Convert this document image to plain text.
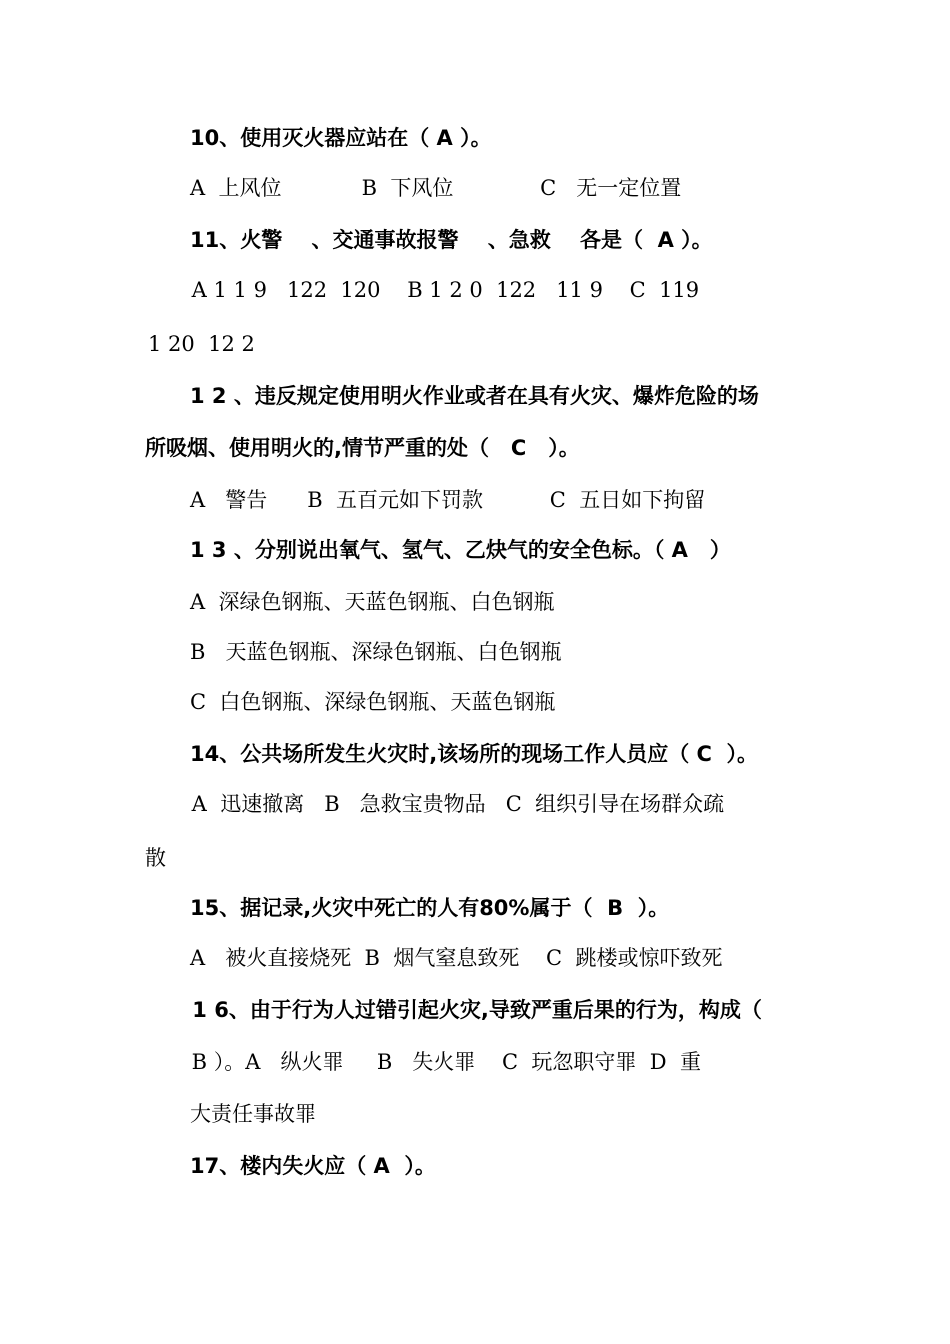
10、使用灭火器应站在（ A ）。
A  上风位            B  下风位             C   无一定位置
11、火警    、交通事故报警    、急救    各是（  A ）。
A 1 1 9   122  120    B 1 2 0  122   11 9    C  119
1 20  12 2
1 2 、违反规定使用明火作业或者在具有火灾、爆炸危险的场
所吸烟、使用明火的,情节严重的处（   C   ）。
A   警告      B  五百元如下罚款          C  五日如下拘留
1 3 、分别说出氧气、氢气、乙炔气的安全色标。（ A   ）
A  深绿色钢瓶、天蓝色钢瓶、白色钢瓶
B   天蓝色钢瓶、深绿色钢瓶、白色钢瓶
C  白色钢瓶、深绿色钢瓶、天蓝色钢瓶
14、公共场所发生火灾时,该场所的现场工作人员应（ C  ）。
A  迅速撤离   B   急救宝贵物品   C  组织引导在场群众疏
散
15、据记录,火灾中死亡的人有80%属于（  B  ）。
A   被火直接烧死  B  烟气窒息致死    C  跳楼或惊吓致死
1 6、由于行为人过错引起火灾,导致严重后果的行为，构成（
B ）。A   纵火罪     B   失火罪    C  玩忽职守罪  D  重
大责任事故罪
17、楼内失火应（ A  ）。
